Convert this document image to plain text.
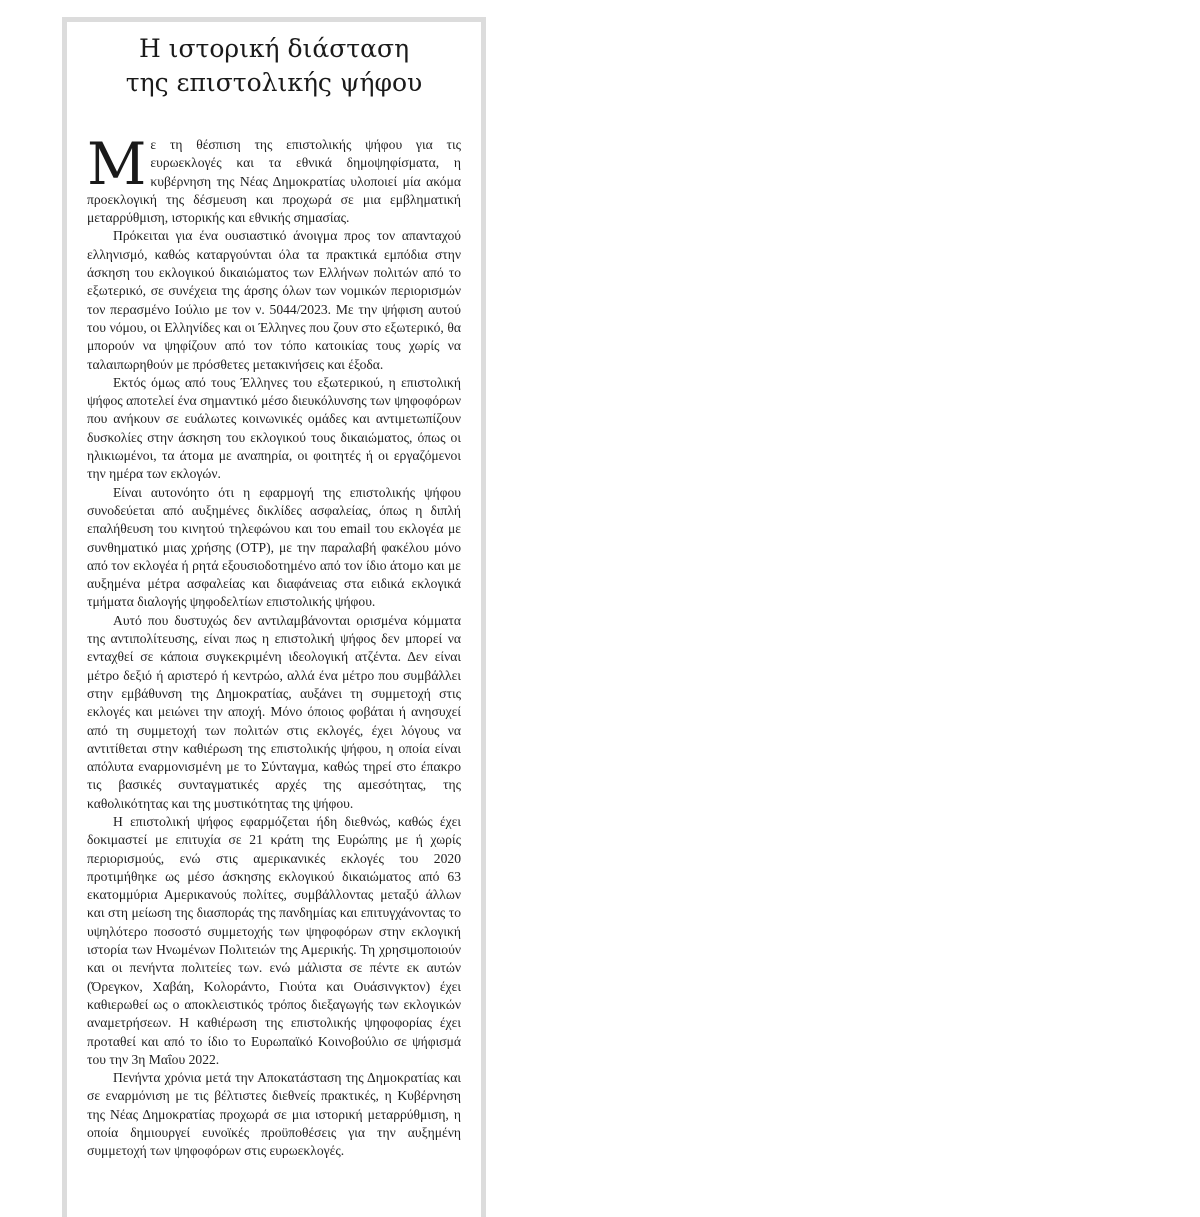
Η ιστορική διάσταση
της επιστολικής ψήφου

Με τη θέσπιση της επιστολικής ψήφου για τις ευρωεκλογές και τα εθνικά δημοψηφίσματα, η κυβέρνηση της Νέας Δημοκρατίας υλοποιεί μία ακόμα προεκλογική της δέσμευση και προχωρά σε μια εμβληματική μεταρρύθμιση, ιστορικής και εθνικής σημασίας.

Πρόκειται για ένα ουσιαστικό άνοιγμα προς τον απανταχού ελληνισμό, καθώς καταργούνται όλα τα πρακτικά εμπόδια στην άσκηση του εκλογικού δικαιώματος των Ελλήνων πολιτών από το εξωτερικό, σε συνέχεια της άρσης όλων των νομικών περιορισμών τον περασμένο Ιούλιο με τον ν. 5044/2023. Με την ψήφιση αυτού του νόμου, οι Ελληνίδες και οι Έλληνες που ζουν στο εξωτερικό, θα μπορούν να ψηφίζουν από τον τόπο κατοικίας τους χωρίς να ταλαιπωρηθούν με πρόσθετες μετακινήσεις και έξοδα.

Εκτός όμως από τους Έλληνες του εξωτερικού, η επιστολική ψήφος αποτελεί ένα σημαντικό μέσο διευκόλυνσης των ψηφοφόρων που ανήκουν σε ευάλωτες κοινωνικές ομάδες και αντιμετωπίζουν δυσκολίες στην άσκηση του εκλογικού τους δικαιώματος, όπως οι ηλικιωμένοι, τα άτομα με αναπηρία, οι φοιτητές ή οι εργαζόμενοι την ημέρα των εκλογών.

Είναι αυτονόητο ότι η εφαρμογή της επιστολικής ψήφου συνοδεύεται από αυξημένες δικλίδες ασφαλείας, όπως η διπλή επαλήθευση του κινητού τηλεφώνου και του email του εκλογέα με συνθηματικό μιας χρήσης (OTP), με την παραλαβή φακέλου μόνο από τον εκλογέα ή ρητά εξουσιοδοτημένο από τον ίδιο άτομο και με αυξημένα μέτρα ασφαλείας και διαφάνειας στα ειδικά εκλογικά τμήματα διαλογής ψηφοδελτίων επιστολικής ψήφου.

Αυτό που δυστυχώς δεν αντιλαμβάνονται ορισμένα κόμματα της αντιπολίτευσης, είναι πως η επιστολική ψήφος δεν μπορεί να ενταχθεί σε κάποια συγκεκριμένη ιδεολογική ατζέντα. Δεν είναι μέτρο δεξιό ή αριστερό ή κεντρώο, αλλά ένα μέτρο που συμβάλλει στην εμβάθυνση της Δημοκρατίας, αυξάνει τη συμμετοχή στις εκλογές και μειώνει την αποχή. Μόνο όποιος φοβάται ή ανησυχεί από τη συμμετοχή των πολιτών στις εκλογές, έχει λόγους να αντιτίθεται στην καθιέρωση της επιστολικής ψήφου, η οποία είναι απόλυτα εναρμονισμένη με το Σύνταγμα, καθώς τηρεί στο έπακρο τις βασικές συνταγματικές αρχές της αμεσότητας, της καθολικότητας και της μυστικότητας της ψήφου.

Η επιστολική ψήφος εφαρμόζεται ήδη διεθνώς, καθώς έχει δοκιμαστεί με επιτυχία σε 21 κράτη της Ευρώπης με ή χωρίς περιορισμούς, ενώ στις αμερικανικές εκλογές του 2020 προτιμήθηκε ως μέσο άσκησης εκλογικού δικαιώματος από 63 εκατομμύρια Αμερικανούς πολίτες, συμβάλλοντας μεταξύ άλλων και στη μείωση της διασποράς της πανδημίας και επιτυγχάνοντας το υψηλότερο ποσοστό συμμετοχής των ψηφοφόρων στην εκλογική ιστορία των Ηνωμένων Πολιτειών της Αμερικής. Τη χρησιμοποιούν και οι πενήντα πολιτείες των. ενώ μάλιστα σε πέντε εκ αυτών (Όρεγκον, Χαβάη, Κολοράντο, Γιούτα και Ουάσινγκτον) έχει καθιερωθεί ως ο αποκλειστικός τρόπος διεξαγωγής των εκλογικών αναμετρήσεων. Η καθιέρωση της επιστολικής ψηφοφορίας έχει προταθεί και από το ίδιο το Ευρωπαϊκό Κοινοβούλιο σε ψήφισμά του την 3η Μαΐου 2022.

Πενήντα χρόνια μετά την Αποκατάσταση της Δημοκρατίας και σε εναρμόνιση με τις βέλτιστες διεθνείς πρακτικές, η Κυβέρνηση της Νέας Δημοκρατίας προχωρά σε μια ιστορική μεταρρύθμιση, η οποία δημιουργεί ευνοϊκές προϋποθέσεις για την αυξημένη συμμετοχή των ψηφοφόρων στις ευρωεκλογές.
